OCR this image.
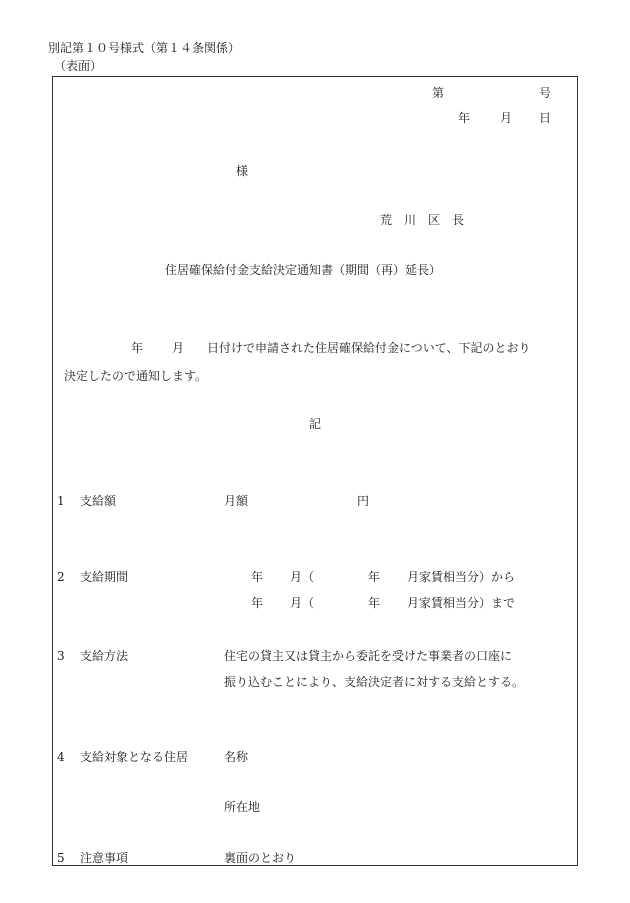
別記第１０号様式（第１４条関係）
（表面）
第	号
年 月 日
様
荒　川　区　長
住居確保給付金支給決定通知書（期間（再）延長）
年 月 日付けで申請された住居確保給付金について、下記のとおり
決定したので通知します。
記
1 支給額	月額	円
2 支給期間	年 月（	年 月家賃相当分）から
年 月（	年 月家賃相当分）まで
3 支給方法	住宅の貸主又は貸主から委託を受けた事業者の口座に
振り込むことにより、支給決定者に対する支給とする。
4 支給対象となる住居	名称
所在地
5 注意事項	裏面のとおり
